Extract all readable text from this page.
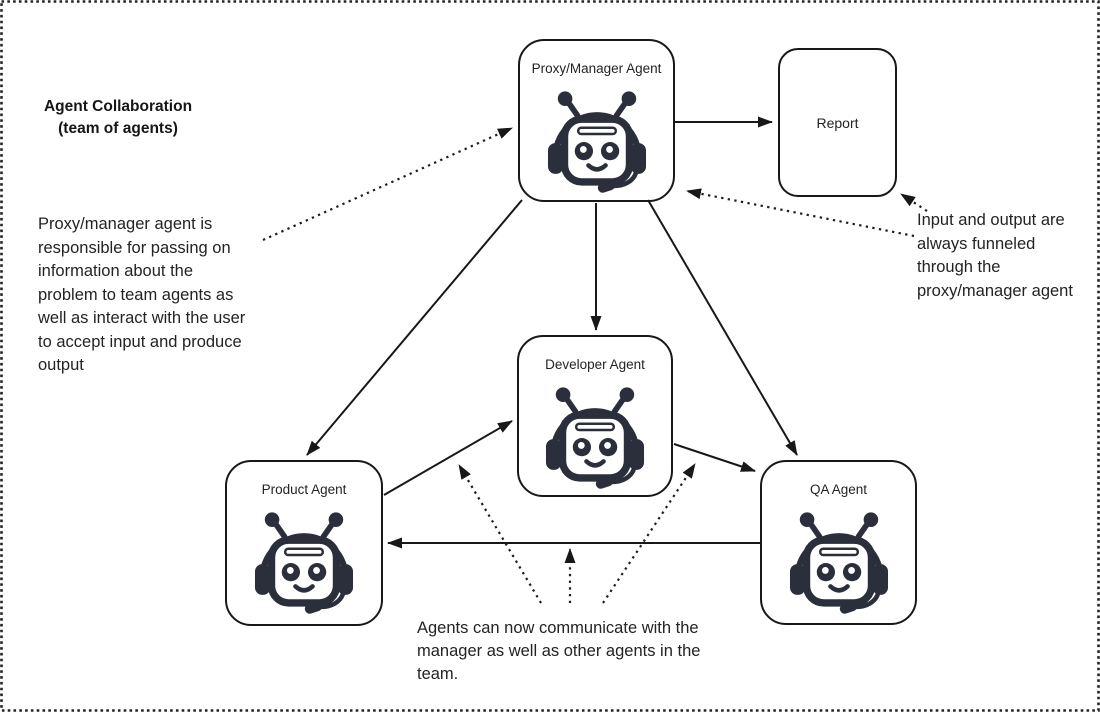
Agent Collaboration
(team of agents)
Proxy/manager agent is
responsible for passing on
information about the
problem to team agents as
well as interact with the user
to accept input and produce
output
Input and output are
always funneled
through the
proxy/manager agent
Agents can now communicate with the
manager as well as other agents in the
team.
Proxy/Manager Agent
Report
Developer Agent
Product Agent	QA Agent
